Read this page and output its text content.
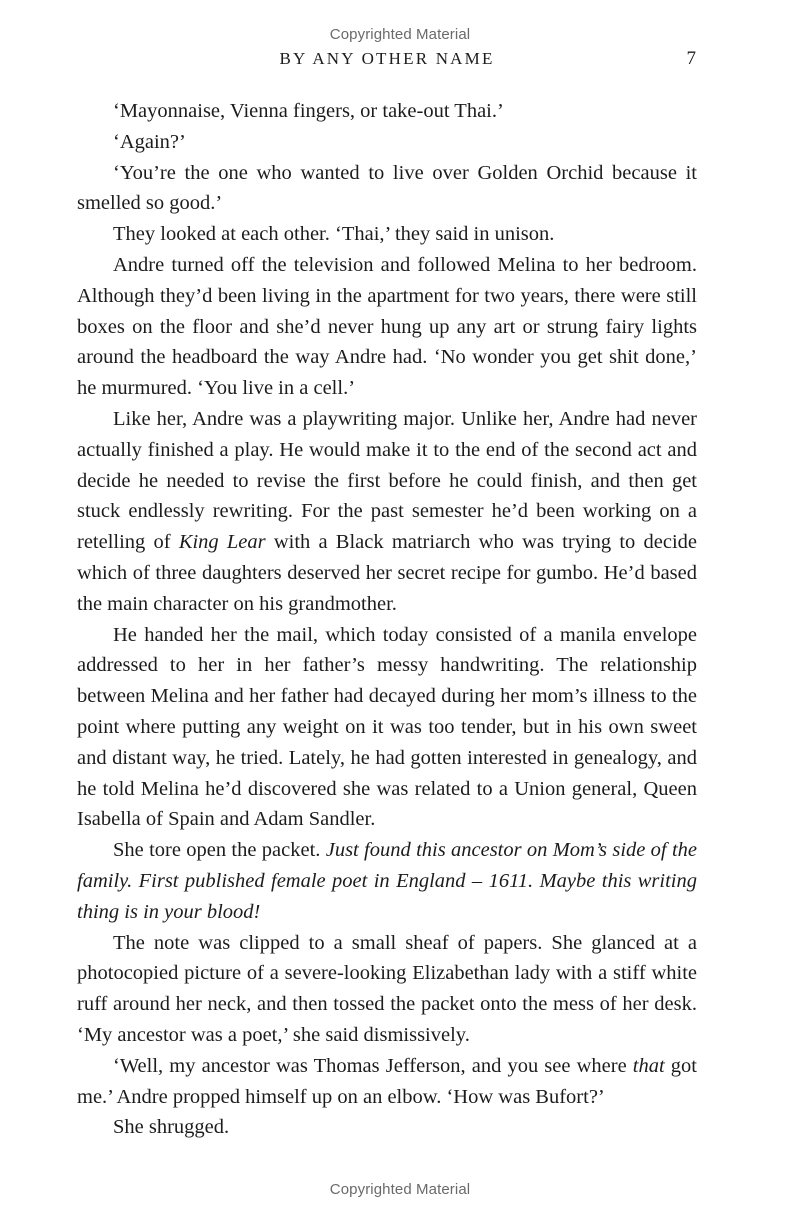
Copyrighted Material
BY ANY OTHER NAME	7

‘Mayonnaise, Vienna fingers, or take-out Thai.’

‘Again?’

‘You’re the one who wanted to live over Golden Orchid because it smelled so good.’

They looked at each other. ‘Thai,’ they said in unison.

Andre turned off the television and followed Melina to her bedroom. Although they’d been living in the apartment for two years, there were still boxes on the floor and she’d never hung up any art or strung fairy lights around the headboard the way Andre had. ‘No wonder you get shit done,’ he murmured. ‘You live in a cell.’

Like her, Andre was a playwriting major. Unlike her, Andre had never actually finished a play. He would make it to the end of the second act and decide he needed to revise the first before he could finish, and then get stuck endlessly rewriting. For the past semester he’d been working on a retelling of King Lear with a Black matriarch who was trying to decide which of three daughters deserved her secret recipe for gumbo. He’d based the main character on his grandmother.

He handed her the mail, which today consisted of a manila envelope addressed to her in her father’s messy handwriting. The relationship between Melina and her father had decayed during her mom’s illness to the point where putting any weight on it was too tender, but in his own sweet and distant way, he tried. Lately, he had gotten interested in genealogy, and he told Melina he’d discovered she was related to a Union general, Queen Isabella of Spain and Adam Sandler.

She tore open the packet. Just found this ancestor on Mom’s side of the family. First published female poet in England – 1611. Maybe this writing thing is in your blood!

The note was clipped to a small sheaf of papers. She glanced at a photocopied picture of a severe-looking Elizabethan lady with a stiff white ruff around her neck, and then tossed the packet onto the mess of her desk. ‘My ancestor was a poet,’ she said dismissively.

‘Well, my ancestor was Thomas Jefferson, and you see where that got me.’ Andre propped himself up on an elbow. ‘How was Bufort?’

She shrugged.

Copyrighted Material
